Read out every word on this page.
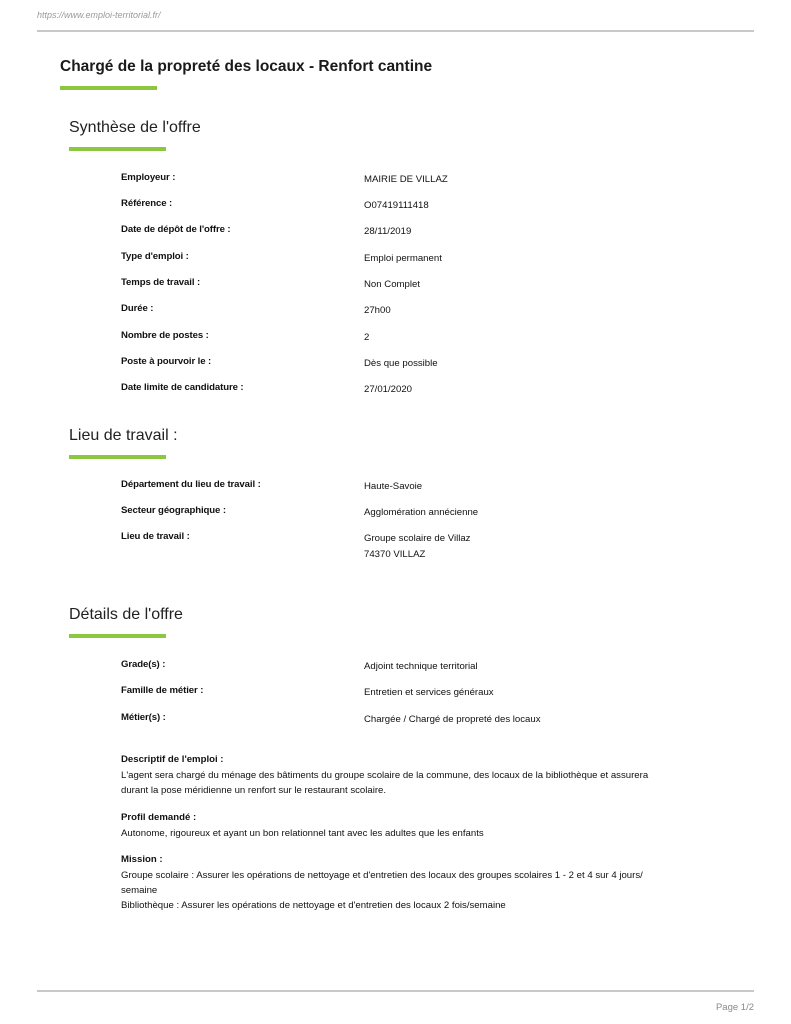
https://www.emploi-territorial.fr/
Chargé de la propreté des locaux - Renfort cantine
Synthèse de l'offre
Employeur :	MAIRIE DE VILLAZ
Référence :	O07419111418
Date de dépôt de l'offre :	28/11/2019
Type d'emploi :	Emploi permanent
Temps de travail :	Non Complet
Durée :	27h00
Nombre de postes :	2
Poste à pourvoir le :	Dès que possible
Date limite de candidature :	27/01/2020
Lieu de travail :
Département du lieu de travail :	Haute-Savoie
Secteur géographique :	Agglomération annécienne
Lieu de travail :	Groupe scolaire de Villaz
74370 VILLAZ
Détails de l'offre
Grade(s) :	Adjoint technique territorial
Famille de métier :	Entretien et services généraux
Métier(s) :	Chargée / Chargé de propreté des locaux
Descriptif de l'emploi :
L'agent sera chargé du ménage des bâtiments du groupe scolaire de la commune, des locaux de la bibliothèque et assurera
durant la pose méridienne un renfort sur le restaurant scolaire.
Profil demandé :
Autonome, rigoureux et ayant un bon relationnel tant avec les adultes que les enfants
Mission :
Groupe scolaire : Assurer les opérations de nettoyage et d'entretien des locaux des groupes scolaires 1 - 2 et 4 sur 4 jours/
semaine
Bibliothèque : Assurer les opérations de nettoyage et d'entretien des locaux 2 fois/semaine
Page 1/2
